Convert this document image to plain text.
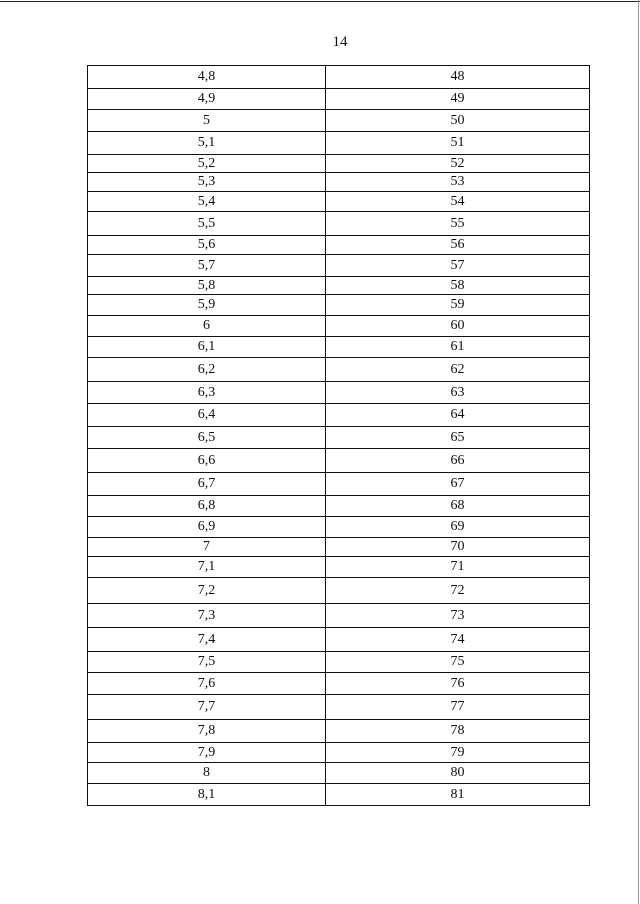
14
4,8	48
4,9	49
5	50
5,1	51
5,2	52
5,3	53
5,4	54
5,5	55
5,6	56
5,7	57
5,8	58
5,9	59
6	60
6,1	61
6,2	62
6,3	63
6,4	64
6,5	65
6,6	66
6,7	67
6,8	68
6,9	69
7	70
7,1	71
7,2	72
7,3	73
7,4	74
7,5	75
7,6	76
7,7	77
7,8	78
7,9	79
8	80
8,1	81
